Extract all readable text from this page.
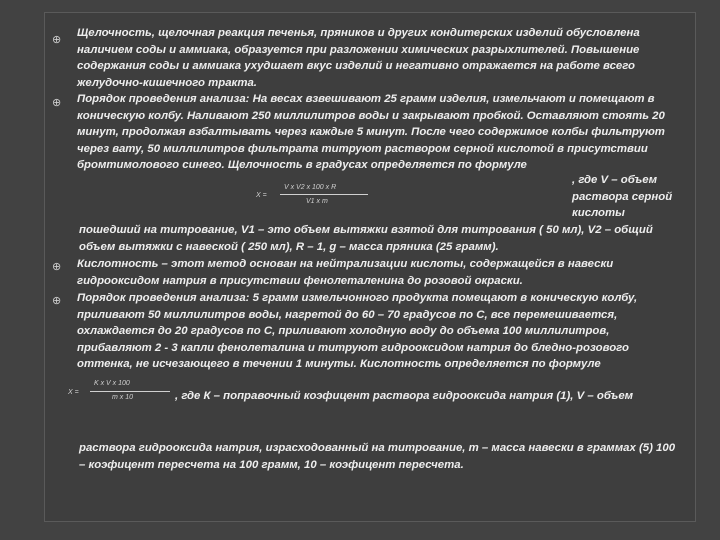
⊕
⊕
⊕
⊕
Щелочность, щелочная реакция печенья, пряников и других кондитерских изделий обусловлена наличием соды и аммиака, образуется при разложении химических разрыхлителей. Повышение содержания соды и аммиака ухудшает вкус изделий и негативно отражается на работе всего желудочно-кишечного тракта.
Порядок проведения анализа: На весах взвешивают 25 грамм изделия, измельчают и помещают в коническую колбу. Наливают 250 миллилитров воды и закрывают пробкой. Оставляют стоять 20 минут, продолжая взбалтывать через каждые 5 минут. После чего содержимое колбы фильтруют через вату, 50 миллилитров фильтрата титруют раствором серной кислотой в присутствии бромтимолового синего. Щелочность в градусах определяется по формуле
, где V – объем раствора серной кислоты
X =
V x V2 x 100 x R
V1 x m
пошедший на титрование, V1 – это объем вытяжки взятой для титрования ( 50 мл), V2 – общий объем вытяжки с навеской ( 250 мл), R – 1, g – масса пряника (25 грамм).
Кислотность – этот метод основан на нейтрализации кислоты, содержащейся в навески гидрооксидом натрия в присутствии фенолеталенина до розовой окраски.
Порядок проведения анализа: 5 грамм измельчонного продукта помещают в коническую колбу, приливают 50 миллилитров воды, нагретой до 60 – 70 градусов по С, все перемешивается, охлаждается до 20 градусов по С, приливают холодную воду до объема 100 миллилитров, прибавляют 2 - 3 капли фенолеталина и титруют гидрооксидом натрия до бледно-розового оттенка, не исчезающего в течении 1 минуты. Кислотность определяется по формуле
X =
K x V x 100
m x 10	, где К – поправочный коэфицент раствора гидрооксида натрия (1), V – объем
раствора гидрооксида натрия, израсходованный на титрование, m – масса навески в граммах (5) 100 – коэфицент пересчета на 100 грамм, 10 – коэфицент пересчета.
